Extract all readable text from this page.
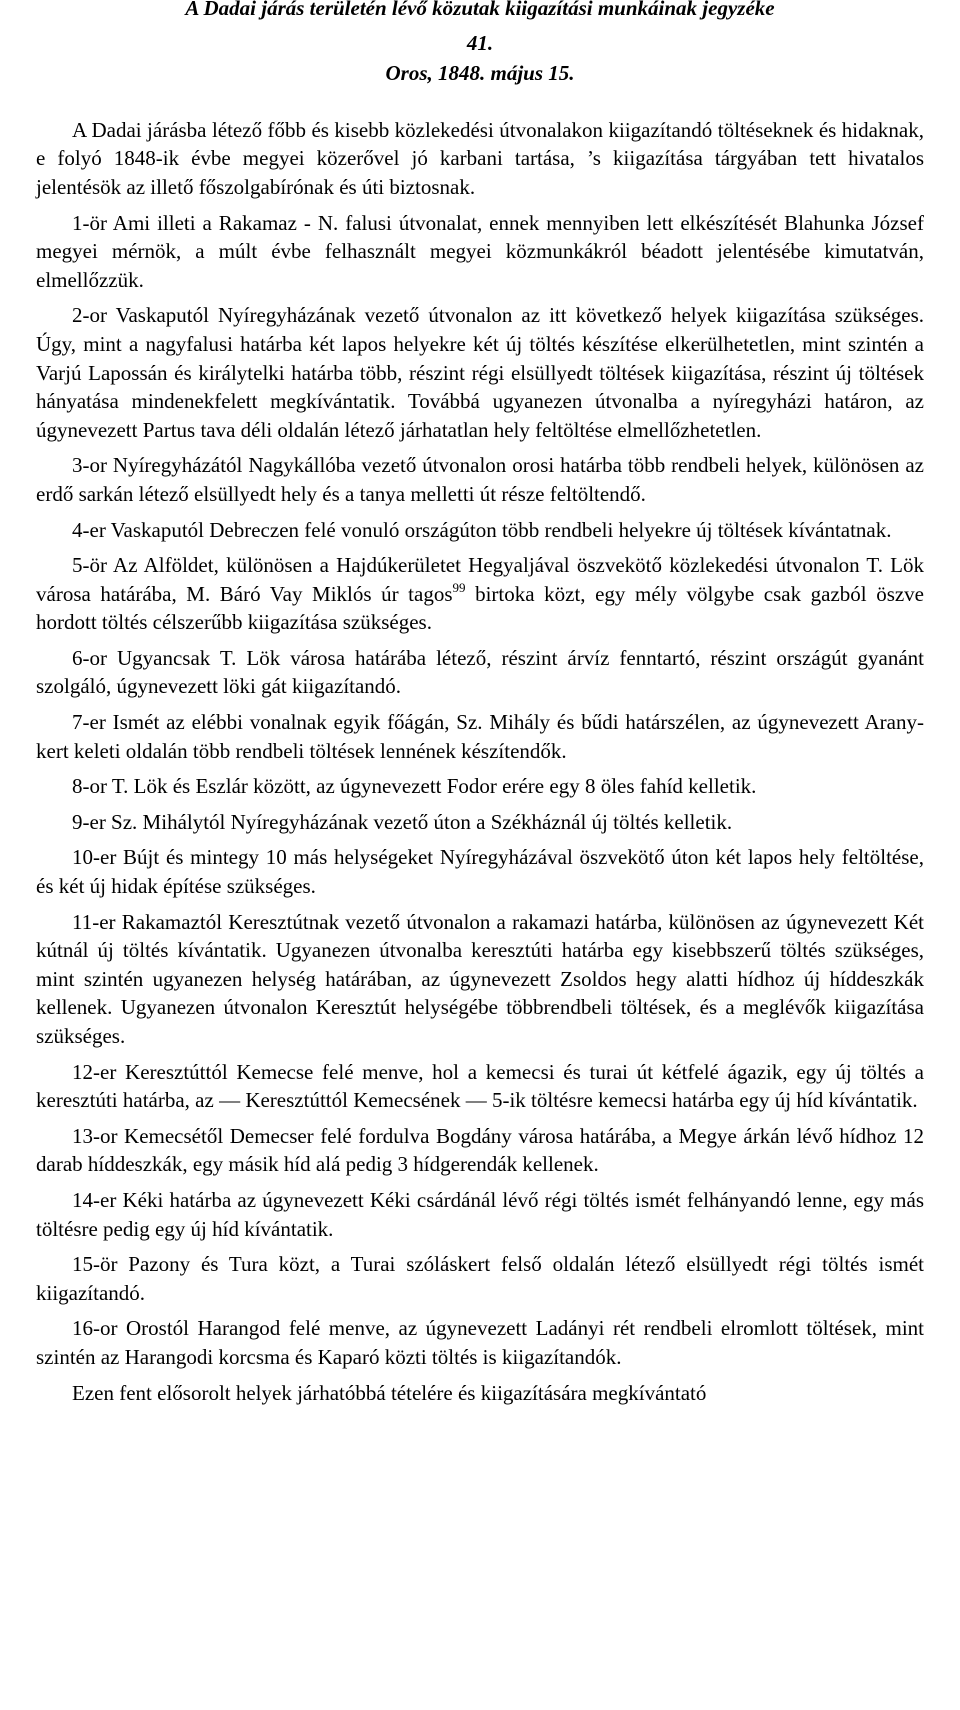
A Dadai járás területén lévő közutak kiigazítási munkáinak jegyzéke

41.

Oros, 1848. május 15.

A Dadai járásba létező főbb és kisebb közlekedési útvonalakon kiigazítandó töltéseknek és hidaknak, e folyó 1848-ik évbe megyei közerővel jó karbani tartása, ’s kiigazítása tárgyában tett hivatalos jelentésök az illető főszolgabírónak és úti biztosnak.

1-ör Ami illeti a Rakamaz - N. falusi útvonalat, ennek mennyiben lett elkészítését Blahunka József megyei mérnök, a múlt évbe felhasznált megyei közmunkákról béadott jelentésébe kimutatván, elmellőzzük.

2-or Vaskaputól Nyíregyházának vezető útvonalon az itt következő helyek kiigazítása szükséges. Úgy, mint a nagyfalusi határba két lapos helyekre két új töltés készítése elkerülhetetlen, mint szintén a Varjú Lapossán és királytelki határba több, részint régi elsüllyedt töltések kiigazítása, részint új töltések hányatása mindenekfelett megkívántatik. Továbbá ugyanezen útvonalba a nyíregyházi határon, az úgynevezett Partus tava déli oldalán létező járhatatlan hely feltöltése elmellőzhetetlen.

3-or Nyíregyházától Nagykállóba vezető útvonalon orosi határba több rendbeli helyek, különösen az erdő sarkán létező elsüllyedt hely és a tanya melletti út része feltöltendő.

4-er Vaskaputól Debreczen felé vonuló országúton több rendbeli helyekre új töltések kívántatnak.

5-ör Az Alföldet, különösen a Hajdúkerületet Hegyaljával öszvekötő közlekedési útvonalon T. Lök városa határába, M. Báró Vay Miklós úr tagos$^{99}$ birtoka közt, egy mély völgybe csak gazból öszve hordott töltés célszerűbb kiigazítása szükséges.

6-or Ugyancsak T. Lök városa határába létező, részint árvíz fenntartó, részint országút gyanánt szolgáló, úgynevezett löki gát kiigazítandó.

7-er Ismét az elébbi vonalnak egyik főágán, Sz. Mihály és bűdi határszélen, az úgynevezett Arany-kert keleti oldalán több rendbeli töltések lennének készítendők.

8-or T. Lök és Eszlár között, az úgynevezett Fodor erére egy 8 öles fahíd kelletik.

9-er Sz. Mihálytól Nyíregyházának vezető úton a Székháznál új töltés kelletik.

10-er Bújt és mintegy 10 más helységeket Nyíregyházával öszvekötő úton két lapos hely feltöltése, és két új hidak építése szükséges.

11-er Rakamaztól Keresztútnak vezető útvonalon a rakamazi határba, különösen az úgynevezett Két kútnál új töltés kívántatik. Ugyanezen útvonalba keresztúti határba egy kisebbszerű töltés szükséges, mint szintén ugyanezen helység határában, az úgynevezett Zsoldos hegy alatti hídhoz új híddeszkák kellenek. Ugyanezen útvonalon Keresztút helységébe többrendbeli töltések, és a meglévők kiigazítása szükséges.

12-er Keresztúttól Kemecse felé menve, hol a kemecsi és turai út kétfelé ágazik, egy új töltés a keresztúti határba, az — Keresztúttól Kemecsének — 5-ik töltésre kemecsi határba egy új híd kívántatik.

13-or Kemecsétől Demecser felé fordulva Bogdány városa határába, a Megye árkán lévő hídhoz 12 darab híddeszkák, egy másik híd alá pedig 3 hídgerendák kellenek.

14-er Kéki határba az úgynevezett Kéki csárdánál lévő régi töltés ismét felhányandó lenne, egy más töltésre pedig egy új híd kívántatik.

15-ör Pazony és Tura közt, a Turai szóláskert felső oldalán létező elsüllyedt régi töltés ismét kiigazítandó.

16-or Orostól Harangod felé menve, az úgynevezett Ladányi rét rendbeli elromlott töltések, mint szintén az Harangodi korcsma és Kaparó közti töltés is kiigazítandók.

Ezen fent elősorolt helyek járhatóbbá tételére és kiigazítására megkívántató
